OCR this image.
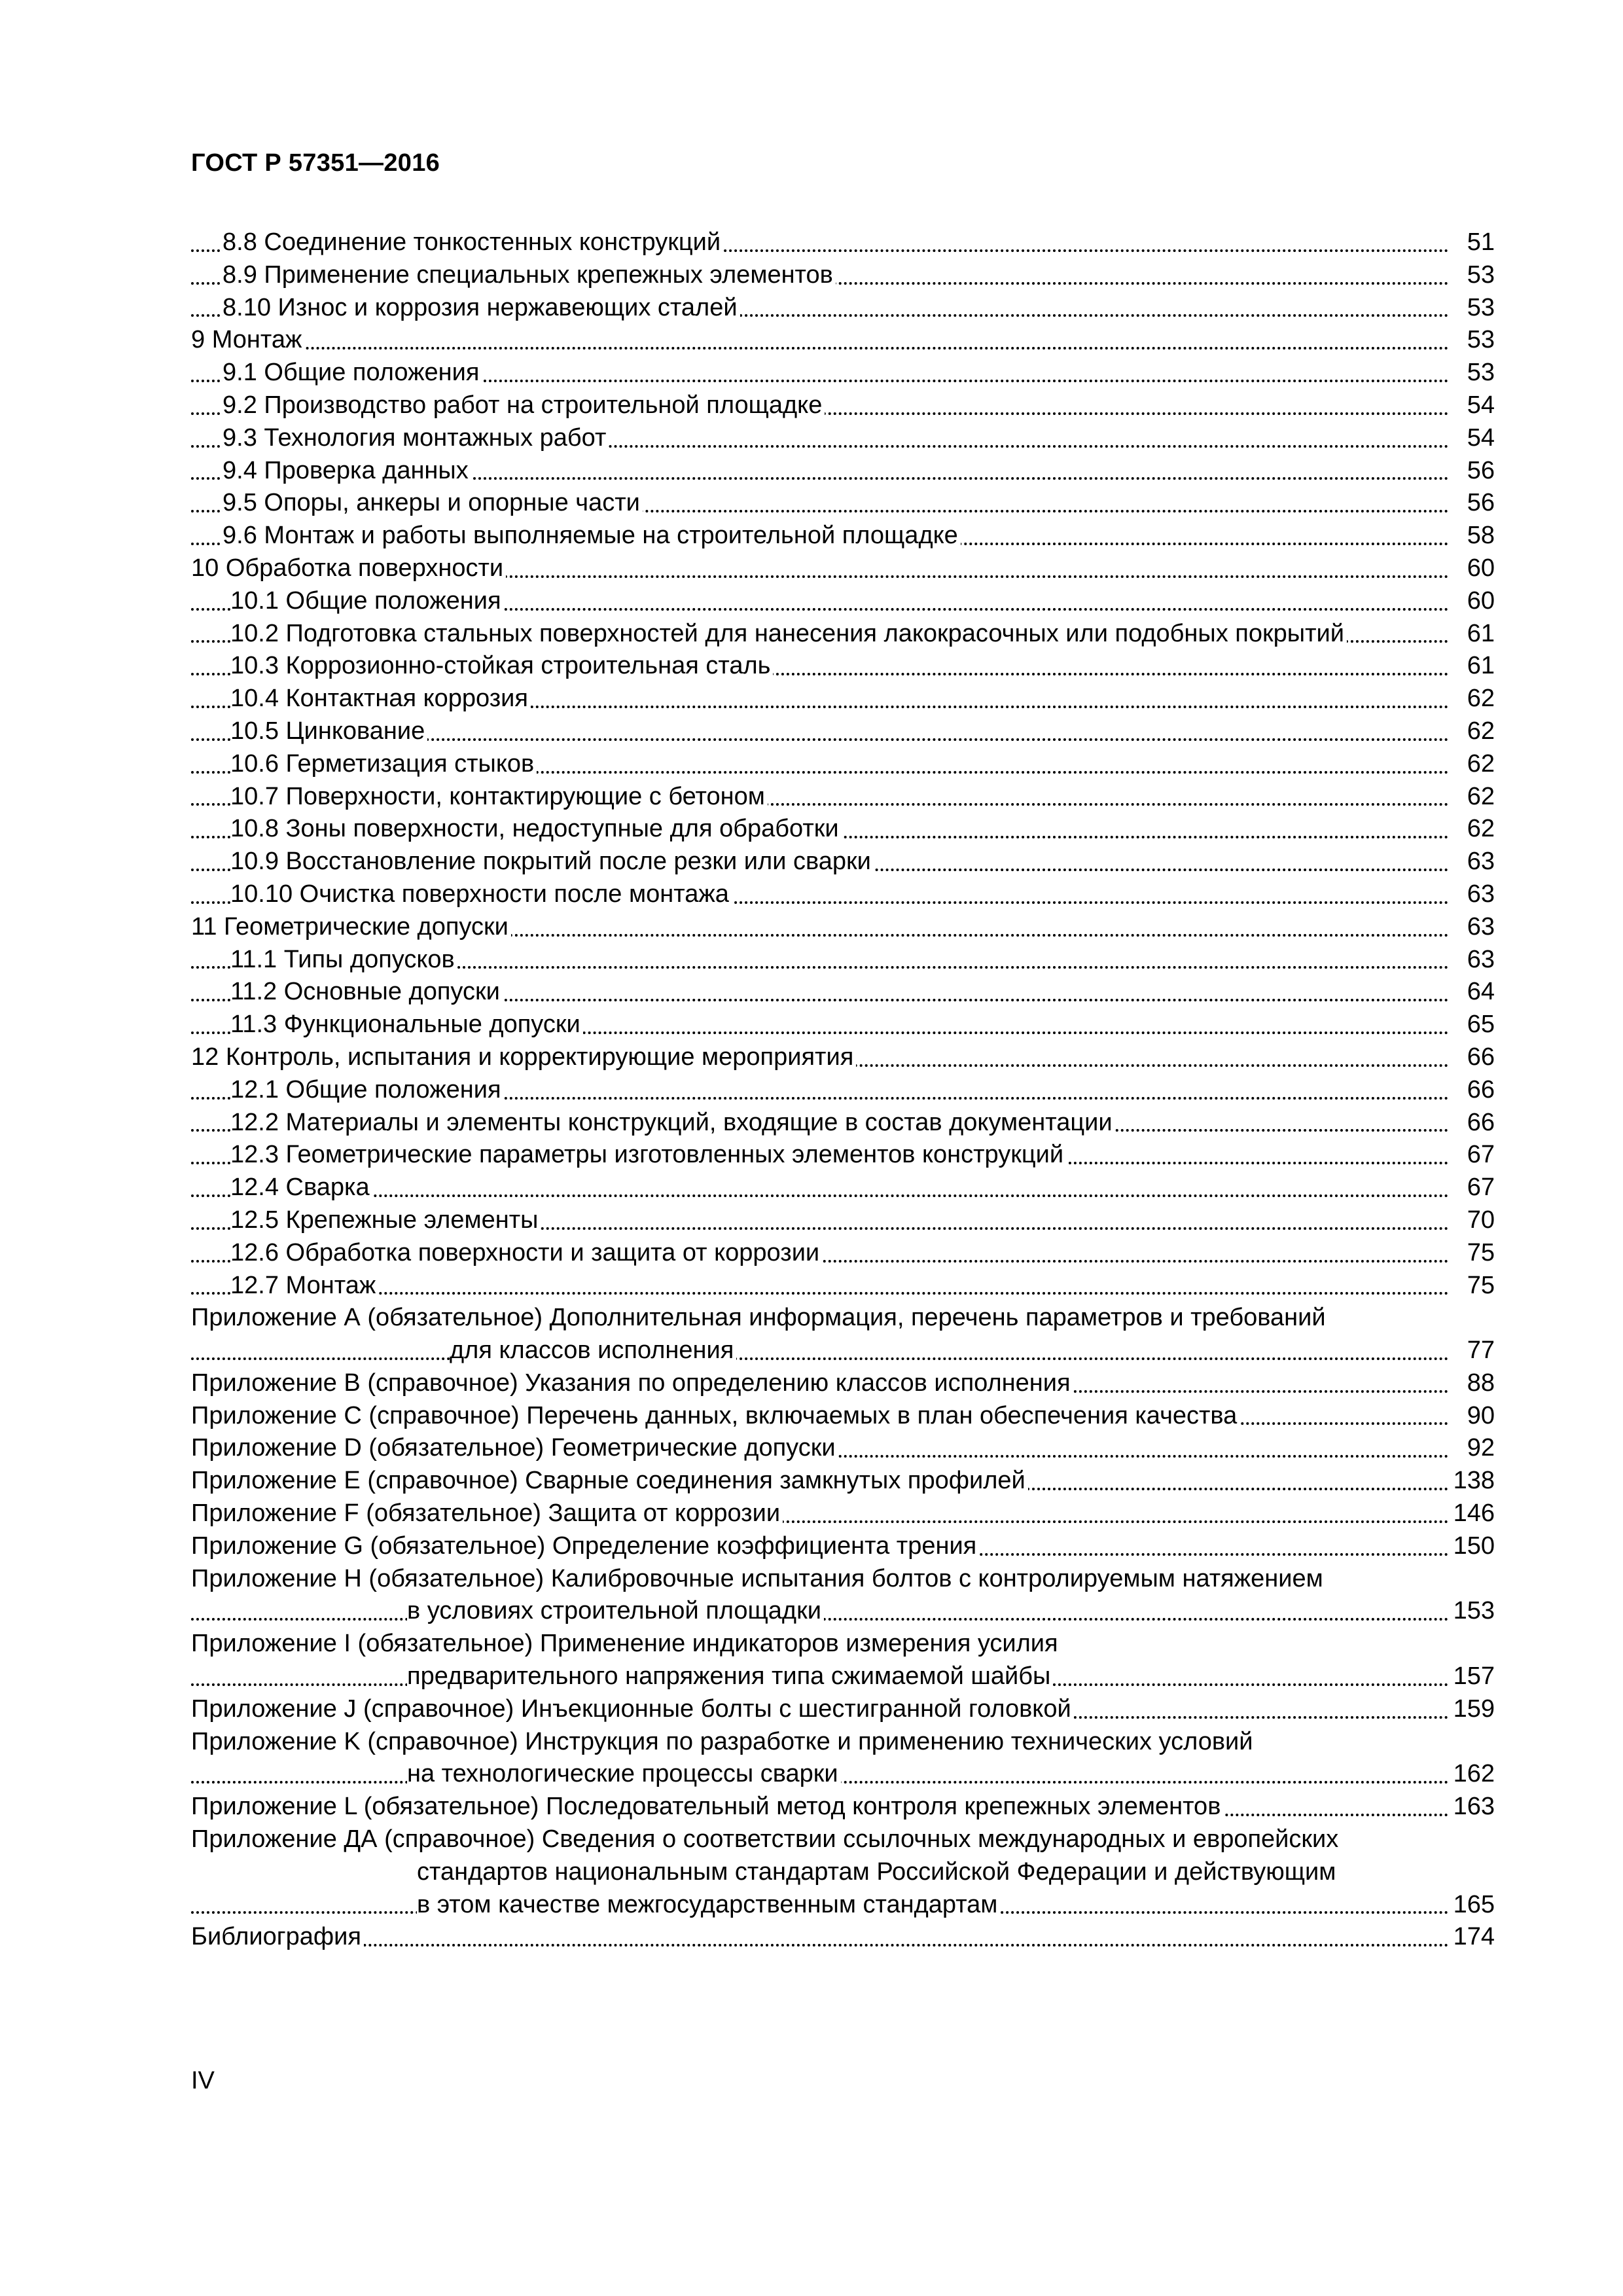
ГОСТ Р 57351—2016
8.8 Соединение тонкостенных конструкций	51
8.9 Применение специальных крепежных элементов	53
8.10 Износ и коррозия нержавеющих сталей	53
9 Монтаж	53
9.1 Общие положения	53
9.2 Производство работ на строительной площадке	54
9.3 Технология монтажных работ	54
9.4 Проверка данных	56
9.5 Опоры, анкеры и опорные части	56
9.6 Монтаж и работы выполняемые на строительной площадке	58
10 Обработка поверхности	60
10.1 Общие положения	60
10.2 Подготовка стальных поверхностей для нанесения лакокрасочных или подобных покрытий	61
10.3 Коррозионно-стойкая строительная сталь	61
10.4 Контактная коррозия	62
10.5 Цинкование	62
10.6 Герметизация стыков	62
10.7 Поверхности, контактирующие с бетоном	62
10.8 Зоны поверхности, недоступные для обработки	62
10.9 Восстановление покрытий после резки или сварки	63
10.10 Очистка поверхности после монтажа	63
11 Геометрические допуски	63
11.1 Типы допусков	63
11.2 Основные допуски	64
11.3 Функциональные допуски	65
12 Контроль, испытания и корректирующие мероприятия	66
12.1 Общие положения	66
12.2 Материалы и элементы конструкций, входящие в состав документации	66
12.3 Геометрические параметры изготовленных элементов конструкций	67
12.4 Сварка	67
12.5 Крепежные элементы	70
12.6 Обработка поверхности и защита от коррозии	75
12.7 Монтаж	75
Приложение А (обязательное) Дополнительная информация, перечень параметров и требований
для классов исполнения	77
Приложение В (справочное) Указания по определению классов исполнения	88
Приложение С (справочное) Перечень данных, включаемых в план обеспечения качества	90
Приложение D (обязательное) Геометрические допуски	92
Приложение Е (справочное) Сварные соединения замкнутых профилей	138
Приложение F (обязательное) Защита от коррозии	146
Приложение G (обязательное) Определение коэффициента трения	150
Приложение Н (обязательное) Калибровочные испытания болтов с контролируемым натяжением
в условиях строительной площадки	153
Приложение I (обязательное) Применение индикаторов измерения усилия
предварительного напряжения типа сжимаемой шайбы	157
Приложение J (справочное) Инъекционные болты с шестигранной головкой	159
Приложение K (справочное) Инструкция по разработке и применению технических условий
на технологические процессы сварки	162
Приложение L (обязательное) Последовательный метод контроля крепежных элементов	163
Приложение ДА (справочное) Сведения о соответствии ссылочных международных и европейских
стандартов национальным стандартам Российской Федерации и действующим
в этом качестве межгосударственным стандартам	165
Библиография	174
IV
